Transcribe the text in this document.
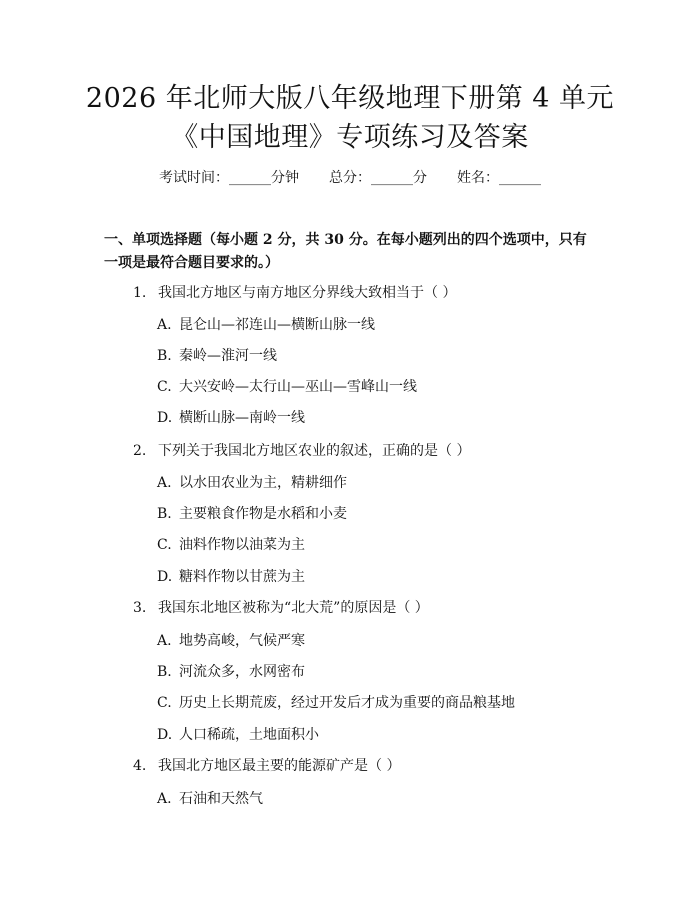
2026 年北师大版八年级地理下册第 4 单元
《中国地理》专项练习及答案
考试时间：______分钟 总分：______分 姓名：______
一、单项选择题（每小题 2 分，共 30 分。在每小题列出的四个选项中，只有一项是最符合题目要求的。）
1. 我国北方地区与南方地区分界线大致相当于（ ）
A. 昆仑山—祁连山—横断山脉一线
B. 秦岭—淮河一线
C. 大兴安岭—太行山—巫山—雪峰山一线
D. 横断山脉—南岭一线
2. 下列关于我国北方地区农业的叙述，正确的是（ ）
A. 以水田农业为主，精耕细作
B. 主要粮食作物是水稻和小麦
C. 油料作物以油菜为主
D. 糖料作物以甘蔗为主
3. 我国东北地区被称为“北大荒”的原因是（ ）
A. 地势高峻，气候严寒
B. 河流众多，水网密布
C. 历史上长期荒废，经过开发后才成为重要的商品粮基地
D. 人口稀疏，土地面积小
4. 我国北方地区最主要的能源矿产是（ ）
A. 石油和天然气
